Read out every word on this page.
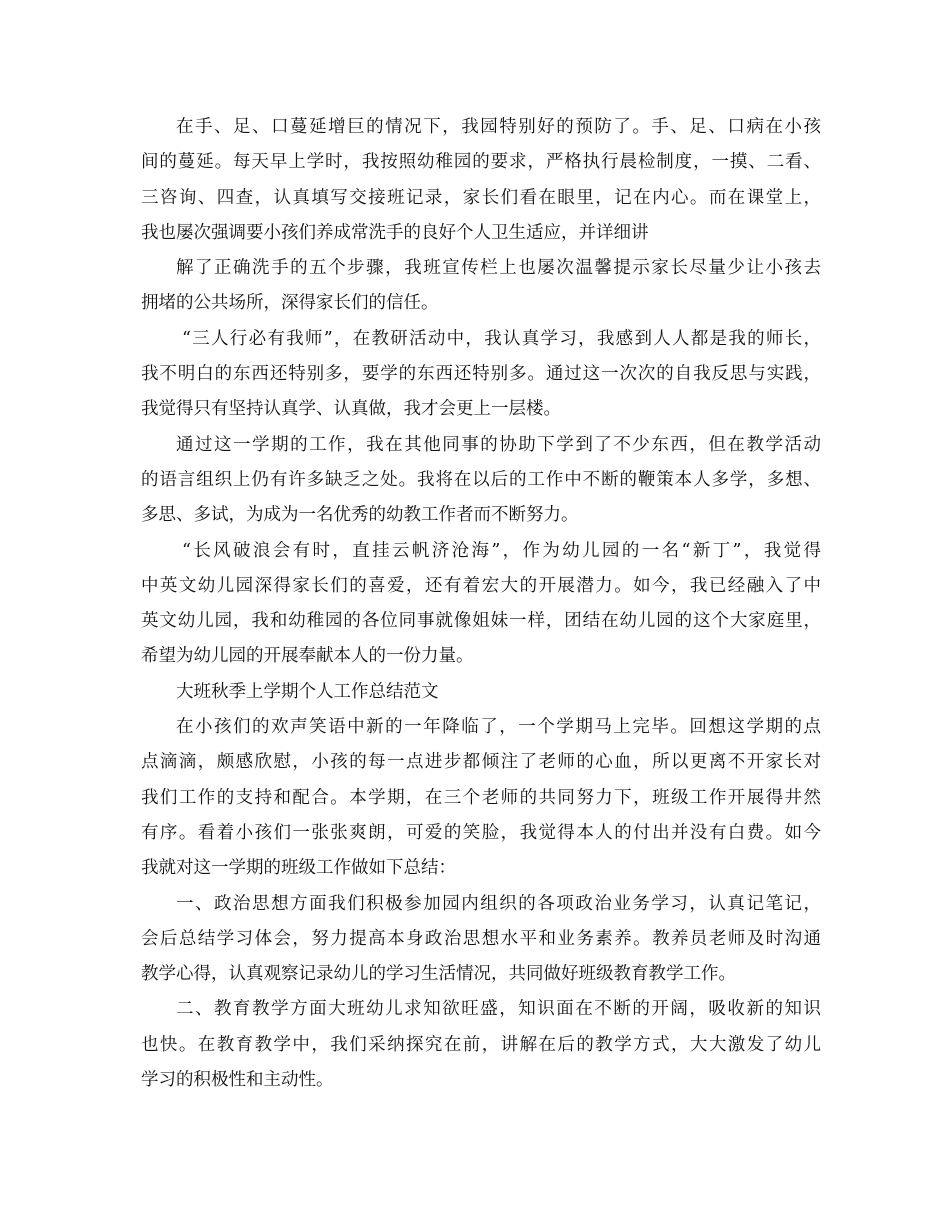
在手、足、口蔓延增巨的情况下，我园特别好的预防了。手、足、口病在小孩
间的蔓延。每天早上学时，我按照幼稚园的要求，严格执行晨检制度，一摸、二看、
三咨询、四查，认真填写交接班记录，家长们看在眼里，记在内心。而在课堂上，
我也屡次强调要小孩们养成常洗手的良好个人卫生适应，并详细讲
解了正确洗手的五个步骤，我班宣传栏上也屡次温馨提示家长尽量少让小孩去
拥堵的公共场所，深得家长们的信任。
“三人行必有我师”，在教研活动中，我认真学习，我感到人人都是我的师长，
我不明白的东西还特别多，要学的东西还特别多。通过这一次次的自我反思与实践，
我觉得只有坚持认真学、认真做，我才会更上一层楼。
通过这一学期的工作，我在其他同事的协助下学到了不少东西，但在教学活动
的语言组织上仍有许多缺乏之处。我将在以后的工作中不断的鞭策本人多学，多想、
多思、多试，为成为一名优秀的幼教工作者而不断努力。
“长风破浪会有时，直挂云帆济沧海”，作为幼儿园的一名“新丁”，我觉得
中英文幼儿园深得家长们的喜爱，还有着宏大的开展潜力。如今，我已经融入了中
英文幼儿园，我和幼稚园的各位同事就像姐妹一样，团结在幼儿园的这个大家庭里，
希望为幼儿园的开展奉献本人的一份力量。
大班秋季上学期个人工作总结范文
在小孩们的欢声笑语中新的一年降临了，一个学期马上完毕。回想这学期的点
点滴滴，颇感欣慰，小孩的每一点进步都倾注了老师的心血，所以更离不开家长对
我们工作的支持和配合。本学期，在三个老师的共同努力下，班级工作开展得井然
有序。看着小孩们一张张爽朗，可爱的笑脸，我觉得本人的付出并没有白费。如今
我就对这一学期的班级工作做如下总结：
一、政治思想方面我们积极参加园内组织的各项政治业务学习，认真记笔记，
会后总结学习体会，努力提高本身政治思想水平和业务素养。教养员老师及时沟通
教学心得，认真观察记录幼儿的学习生活情况，共同做好班级教育教学工作。
二、教育教学方面大班幼儿求知欲旺盛，知识面在不断的开阔，吸收新的知识
也快。在教育教学中，我们采纳探究在前，讲解在后的教学方式，大大激发了幼儿
学习的积极性和主动性。
